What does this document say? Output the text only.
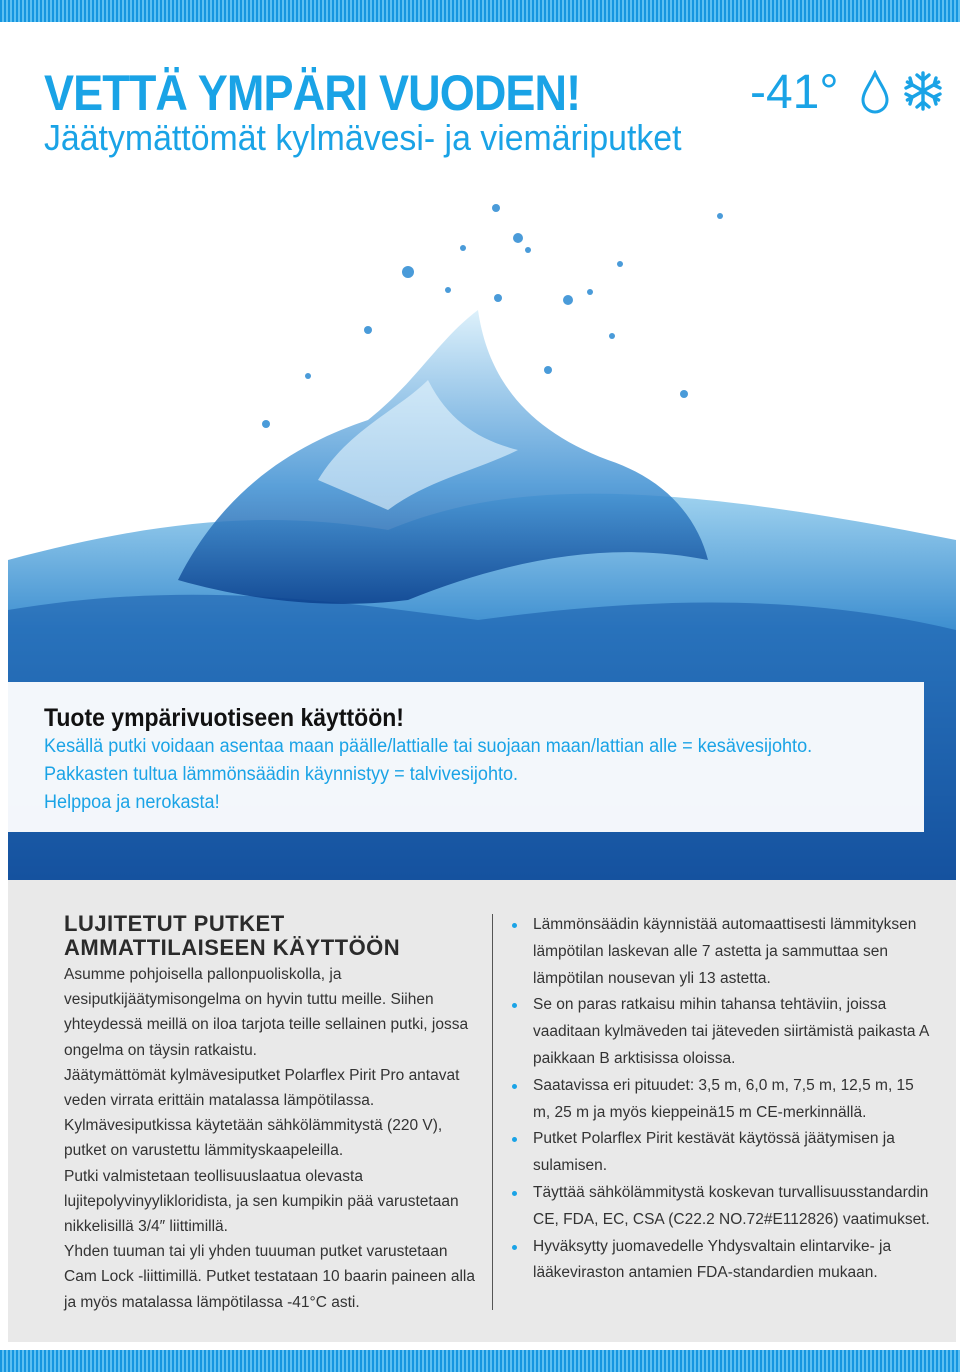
VETTÄ YMPÄRI VUODEN!
Jäätymättömät kylmävesi- ja viemäriputket
-41°
Tuote ympärivuotiseen käyttöön!
Kesällä putki voidaan asentaa maan päälle/lattialle tai suojaan maan/lattian alle = kesävesijohto.
Pakkasten tultua lämmönsäädin käynnistyy = talvivesijohto.
Helppoa ja nerokasta!
LUJITETUT PUTKET AMMATTILAISEEN KÄYTTÖÖN

Asumme pohjoisella pallonpuoliskolla, ja vesiputkijäätymisongelma on hyvin tuttu meille. Siihen yhteydessä meillä on iloa tarjota teille sellainen putki, jossa ongelma on täysin ratkaistu.

Jäätymättömät kylmävesiputket Polarflex Pirit Pro antavat veden virrata erittäin matalassa lämpötilassa.

Kylmävesiputkissa käytetään sähkölämmitystä (220 V), putket on varustettu lämmityskaapeleilla.

Putki valmistetaan teollisuuslaatua olevasta lujitepolyvinyylikloridista, ja sen kumpikin pää varustetaan nikkelisillä 3/4″ liittimillä.

Yhden tuuman tai yli yhden tuuuman putket varustetaan Cam Lock -liittimillä. Putket testataan 10 baarin paineen alla ja myös matalassa lämpötilassa -41°C asti.

Lämmönsäädin käynnistää automaattisesti lämmityksen lämpötilan laskevan alle 7 astetta ja sammuttaa sen lämpötilan nousevan yli 13 astetta.
Se on paras ratkaisu mihin tahansa tehtäviin, joissa vaaditaan kylmäveden tai jäteveden siirtämistä paikasta A paikkaan B arktisissa oloissa.
Saatavissa eri pituudet: 3,5 m, 6,0 m, 7,5 m, 12,5 m, 15 m, 25 m ja myös kieppeinä15 m CE-merkinnällä.
Putket Polarflex Pirit kestävät käytössä jäätymisen ja sulamisen.
Täyttää sähkölämmitystä koskevan turvallisuusstandardin CE, FDA, EC, CSA (C22.2 NO.72#E112826) vaatimukset.
Hyväksytty juomavedelle Yhdysvaltain elintarvike- ja lääkeviraston antamien FDA-standardien mukaan.
